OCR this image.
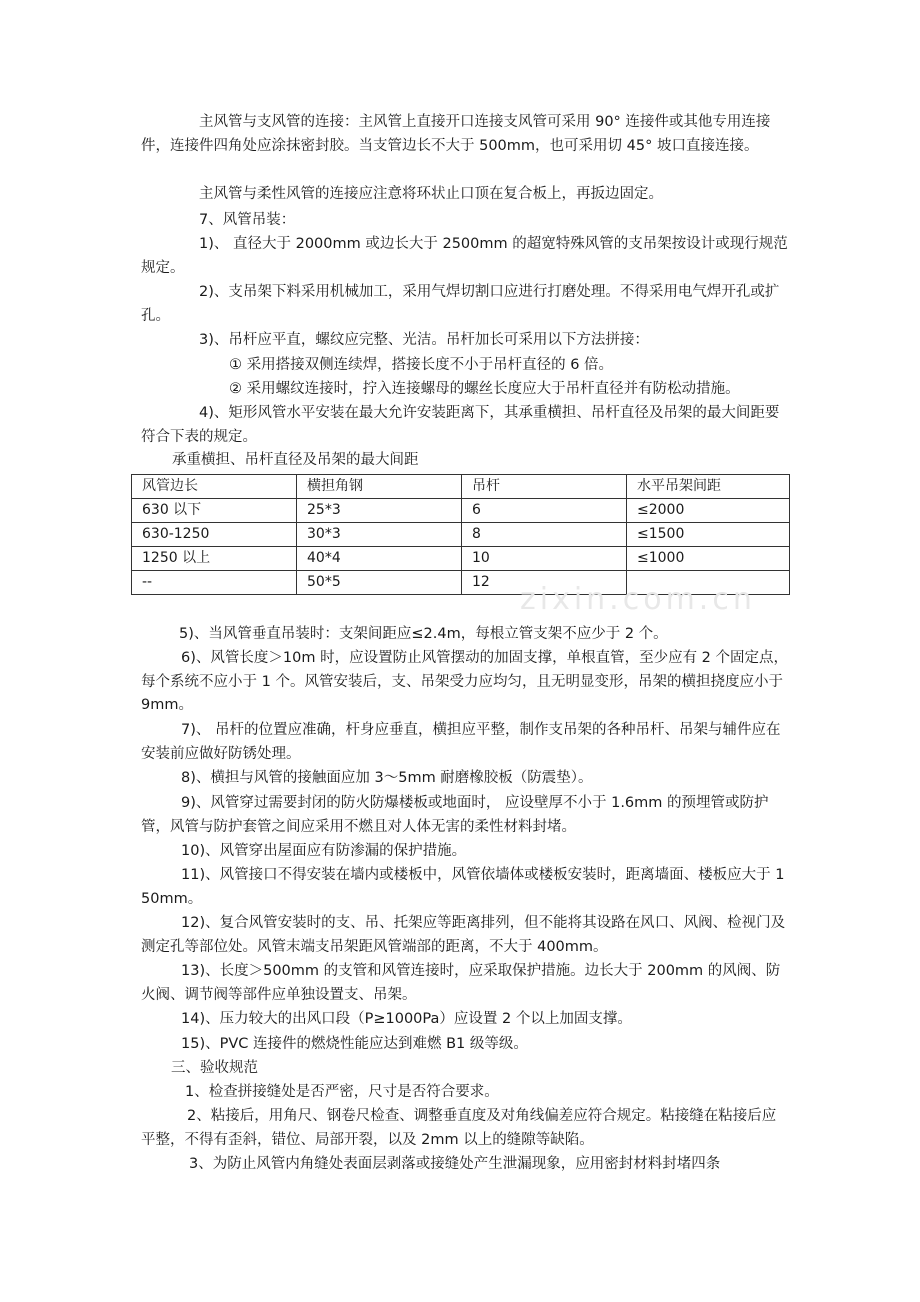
主风管与支风管的连接：主风管上直接开口连接支风管可采用 90° 连接件或其他专用连接件，连接件四角处应涂抹密封胶。当支管边长不大于 500mm，也可采用切 45° 坡口直接连接。

主风管与柔性风管的连接应注意将环状止口顶在复合板上，再扳边固定。

7、风管吊装：

1)、 直径大于 2000mm 或边长大于 2500mm 的超宽特殊风管的支吊架按设计或现行规范规定。

2)、支吊架下料采用机械加工，采用气焊切割口应进行打磨处理。不得采用电气焊开孔或扩孔。

3)、吊杆应平直，螺纹应完整、光洁。吊杆加长可采用以下方法拼接：

① 采用搭接双侧连续焊，搭接长度不小于吊杆直径的 6 倍。

② 采用螺纹连接时，拧入连接螺母的螺丝长度应大于吊杆直径并有防松动措施。

4)、矩形风管水平安装在最大允许安装距离下，其承重横担、吊杆直径及吊架的最大间距要符合下表的规定。

承重横担、吊杆直径及吊架的最大间距
风管边长	横担角钢	吊杆	水平吊架间距
630 以下	25*3	6	≤2000
630-1250	30*3	8	≤1500
1250 以上	40*4	10	≤1000
--	50*5	12	zixin.com.cn

5)、当风管垂直吊装时：支架间距应≤2.4m，每根立管支架不应少于 2 个。

6)、风管长度＞10m 时，应设置防止风管摆动的加固支撑，单根直管，至少应有 2 个固定点，每个系统不应小于 1 个。风管安装后，支、吊架受力应均匀，且无明显变形，吊架的横担挠度应小于 9mm。

7)、 吊杆的位置应准确，杆身应垂直，横担应平整，制作支吊架的各种吊杆、吊架与辅件应在安装前应做好防锈处理。

8)、横担与风管的接触面应加 3～5mm 耐磨橡胶板（防震垫）。

9)、风管穿过需要封闭的防火防爆楼板或地面时， 应设壁厚不小于 1.6mm 的预埋管或防护管，风管与防护套管之间应采用不燃且对人体无害的柔性材料封堵。

10)、风管穿出屋面应有防渗漏的保护措施。

11)、风管接口不得安装在墙内或楼板中，风管依墙体或楼板安装时，距离墙面、楼板应大于 150mm。

12)、复合风管安装时的支、吊、托架应等距离排列，但不能将其设路在风口、风阀、检视门及测定孔等部位处。风管末端支吊架距风管端部的距离，不大于 400mm。

13)、长度＞500mm 的支管和风管连接时，应采取保护措施。边长大于 200mm 的风阀、防火阀、调节阀等部件应单独设置支、吊架。

14)、压力较大的出风口段（P≥1000Pa）应设置 2 个以上加固支撑。

15)、PVC 连接件的燃烧性能应达到难燃 B1 级等级。

三、验收规范

1、检查拼接缝处是否严密，尺寸是否符合要求。

2、粘接后，用角尺、钢卷尺检查、调整垂直度及对角线偏差应符合规定。粘接缝在粘接后应平整，不得有歪斜，错位、局部开裂，以及 2mm 以上的缝隙等缺陷。

3、为防止风管内角缝处表面层剥落或接缝处产生泄漏现象，应用密封材料封堵四条
